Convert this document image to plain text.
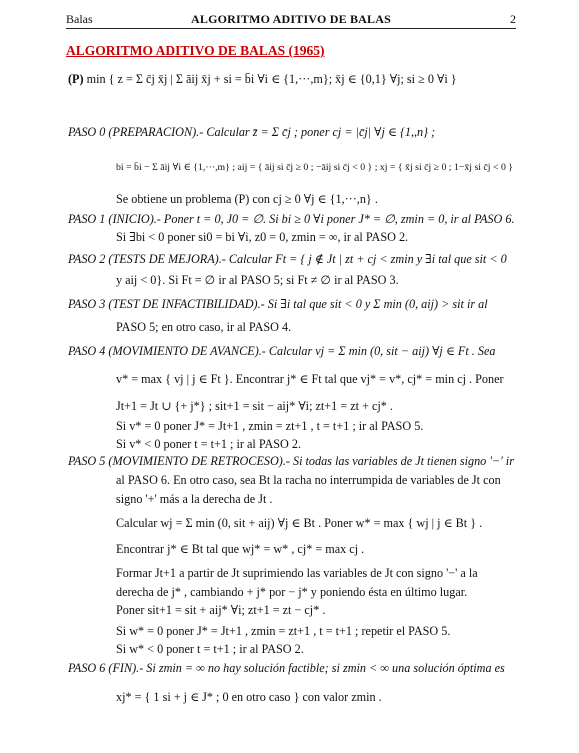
Balas	ALGORITMO ADITIVO DE BALAS	2
ALGORITMO ADITIVO DE BALAS (1965)
(P) min { z = Σ c̄j x̄j | Σ āij x̄j + si = b̄i ∀i ∈ {1,···,m}; x̄j ∈ {0,1} ∀j; si ≥ 0 ∀i }
PASO 0 (PREPARACION).- Calcular z̄ = Σ c̄j ; poner cj = |c̄j| ∀j ∈ {1,,n} ;
bi = b̄i − Σ āij ∀i ∈ {1,···,m} ; aij = { āij si c̄j ≥ 0 ; −āij si c̄j < 0 } ; xj = { x̄j si c̄j ≥ 0 ; 1−x̄j si c̄j < 0 }
Se obtiene un problema (P) con cj ≥ 0 ∀j ∈ {1,···,n} .
PASO 1 (INICIO).- Poner t = 0, J0 = ∅. Si bi ≥ 0 ∀i poner J* = ∅, zmin = 0, ir al PASO 6.
Si ∃bi < 0 poner si0 = bi ∀i, z0 = 0, zmin = ∞, ir al PASO 2.
PASO 2 (TESTS DE MEJORA).- Calcular Ft = { j ∉ Jt | zt + cj < zmin y ∃i tal que sit < 0
y aij < 0}. Si Ft = ∅ ir al PASO 5; si Ft ≠ ∅ ir al PASO 3.
PASO 3 (TEST DE INFACTIBILIDAD).- Si ∃i tal que sit < 0 y Σ min (0, aij) > sit ir al
PASO 5; en otro caso, ir al PASO 4.
PASO 4 (MOVIMIENTO DE AVANCE).- Calcular vj = Σ min (0, sit − aij) ∀j ∈ Ft . Sea
v* = max { vj | j ∈ Ft }. Encontrar j* ∈ Ft tal que vj* = v*, cj* = min cj . Poner
Jt+1 = Jt ∪ {+ j*} ; sit+1 = sit − aij* ∀i; zt+1 = zt + cj* .
Si v* = 0 poner J* = Jt+1 , zmin = zt+1 , t = t+1 ; ir al PASO 5.
Si v* < 0 poner t = t+1 ; ir al PASO 2.
PASO 5 (MOVIMIENTO DE RETROCESO).- Si todas las variables de Jt tienen signo '−' ir
al PASO 6. En otro caso, sea Bt la racha no interrumpida de variables de Jt con
signo '+' más a la derecha de Jt .
Calcular wj = Σ min (0, sit + aij) ∀j ∈ Bt . Poner w* = max { wj | j ∈ Bt } .
Encontrar j* ∈ Bt tal que wj* = w* , cj* = max cj .
Formar Jt+1 a partir de Jt suprimiendo las variables de Jt con signo '−' a la
derecha de j* , cambiando + j* por − j* y poniendo ésta en último lugar.
Poner sit+1 = sit + aij* ∀i; zt+1 = zt − cj* .
Si w* = 0 poner J* = Jt+1 , zmin = zt+1 , t = t+1 ; repetir el PASO 5.
Si w* < 0 poner t = t+1 ; ir al PASO 2.
PASO 6 (FIN).- Si zmin = ∞ no hay solución factible; si zmin < ∞ una solución óptima es
xj* = { 1 si + j ∈ J* ; 0 en otro caso } con valor zmin .
